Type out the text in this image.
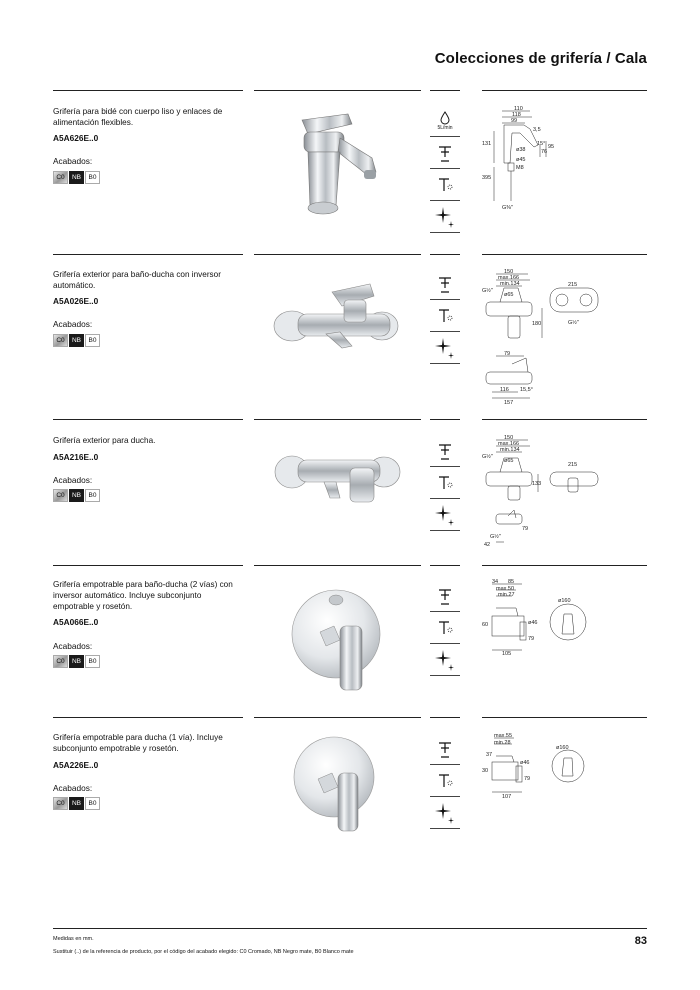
Colecciones de grifería / Cala
Grifería para bidé con cuerpo liso y enlaces de alimentación flexibles.
A5A626E..0
Acabados:
C0	NB	B0
5L/min
110
118
99
3,5
131	15° 95
76
ø38
ø45
M8
395
G⅜"
Grifería exterior para baño-ducha con inversor automático.
A5A026E..0
Acabados:
C0	NB	B0
150
max.166
min.134
G½"
ø65
215
180	G½"
79
116 15,5°
157
Grifería exterior para ducha.
A5A216E..0
Acabados:
C0	NB	B0
150
max.166
min.134
G½"
ø65
215
133
79
G½"
42
Grifería empotrable para baño-ducha (2 vías) con inversor automático. Incluye subconjunto empotrable y rosetón.
A5A066E..0
Acabados:
C0	NB	B0
34 85
max.50
min.27
ø160
60	ø46
79
105
Grifería empotrable para ducha (1 vía). Incluye subconjunto empotrable y rosetón.
A5A226E..0
Acabados:
C0	NB	B0
max.55
min.28
ø160
37
ø46
30
79
107
Medidas en mm.
Sustituir (..) de la referencia de producto, por el código del acabado elegido: C0 Cromado, NB Negro mate, B0 Blanco mate
83
